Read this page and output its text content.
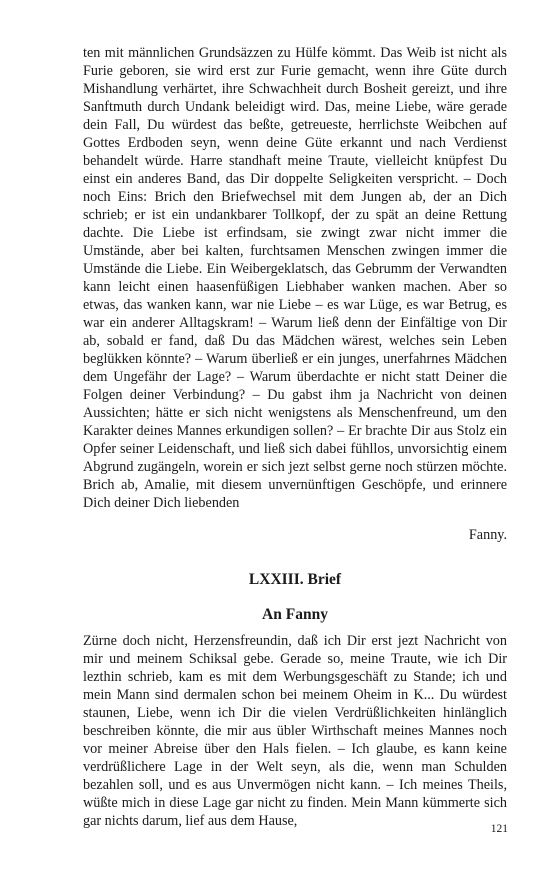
ten mit männlichen Grundsäzzen zu Hülfe kömmt. Das Weib ist nicht als Furie geboren, sie wird erst zur Furie gemacht, wenn ihre Güte durch Mishandlung verhärtet, ihre Schwachheit durch Bosheit gereizt, und ihre Sanftmuth durch Undank beleidigt wird. Das, meine Liebe, wäre gerade dein Fall, Du würdest das beßte, getreueste, herrlichste Weibchen auf Gottes Erdboden seyn, wenn deine Güte erkannt und nach Verdienst behandelt würde. Harre standhaft meine Traute, vielleicht knüpfest Du einst ein anderes Band, das Dir doppelte Seligkeiten verspricht. – Doch noch Eins: Brich den Briefwechsel mit dem Jungen ab, der an Dich schrieb; er ist ein undankbarer Tollkopf, der zu spät an deine Rettung dachte. Die Liebe ist erfindsam, sie zwingt zwar nicht immer die Umstände, aber bei kalten, furchtsamen Menschen zwingen immer die Umstände die Liebe. Ein Weibergeklatsch, das Gebrumm der Verwandten kann leicht einen haasenfüßigen Liebhaber wanken machen. Aber so etwas, das wanken kann, war nie Liebe – es war Lüge, es war Betrug, es war ein anderer Alltagskram! – Warum ließ denn der Einfältige von Dir ab, sobald er fand, daß Du das Mädchen wärest, welches sein Leben beglükken könnte? – Warum überließ er ein junges, unerfahrnes Mädchen dem Ungefähr der Lage? – Warum überdachte er nicht statt Deiner die Folgen deiner Verbindung? – Du gabst ihm ja Nachricht von deinen Aussichten; hätte er sich nicht wenigstens als Menschenfreund, um den Karakter deines Mannes erkundigen sollen? – Er brachte Dir aus Stolz ein Opfer seiner Leidenschaft, und ließ sich dabei fühllos, unvorsichtig einem Abgrund zugängeln, worein er sich jezt selbst gerne noch stürzen möchte. Brich ab, Amalie, mit diesem unvernünftigen Geschöpfe, und erinnere Dich deiner Dich liebenden

Fanny.

LXXIII. Brief
An Fanny

Zürne doch nicht, Herzensfreundin, daß ich Dir erst jezt Nachricht von mir und meinem Schiksal gebe. Gerade so, meine Traute, wie ich Dir lezthin schrieb, kam es mit dem Werbungsgeschäft zu Stande; ich und mein Mann sind dermalen schon bei meinem Oheim in K... Du würdest staunen, Liebe, wenn ich Dir die vielen Verdrüßlichkeiten hinlänglich beschreiben könnte, die mir aus übler Wirthschaft meines Mannes noch vor meiner Abreise über den Hals fielen. – Ich glaube, es kann keine verdrüßlichere Lage in der Welt seyn, als die, wenn man Schulden bezahlen soll, und es aus Unvermögen nicht kann. – Ich meines Theils, wüßte mich in diese Lage gar nicht zu finden. Mein Mann kümmerte sich gar nichts darum, lief aus dem Hause,	121
